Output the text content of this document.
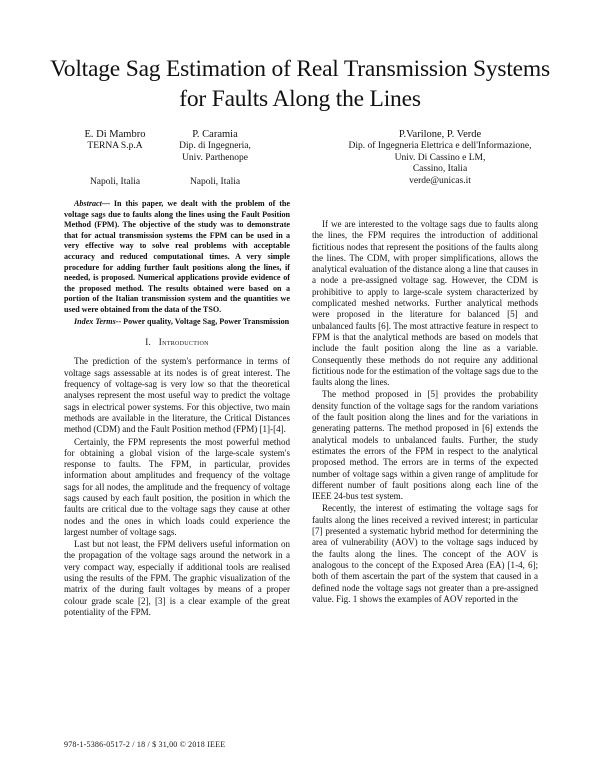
Voltage Sag Estimation of Real Transmission Systems
for Faults Along the Lines
E. Di Mambro
TERNA S.p.A
Napoli, Italia
P. Caramia
Dip. di Ingegneria,
Univ. Parthenope
Napoli, Italia
P.Varilone, P. Verde
Dip. of Ingegneria Elettrica e dell'Informazione,
Univ. Di Cassino e LM,
Cassino, Italia
verde@unicas.it

Abstract— In this paper, we dealt with the problem of the voltage sags due to faults along the lines using the Fault Position Method (FPM). The objective of the study was to demonstrate that for actual transmission systems the FPM can be used in a very effective way to solve real problems with acceptable accuracy and reduced computational times. A very simple procedure for adding further fault positions along the lines, if needed, is proposed. Numerical applications provide evidence of the proposed method. The results obtained were based on a portion of the Italian transmission system and the quantities we used were obtained from the data of the TSO.

Index Terms-- Power quality, Voltage Sag, Power Transmission

I. Introduction

The prediction of the system's performance in terms of voltage sags assessable at its nodes is of great interest. The frequency of voltage-sag is very low so that the theoretical analyses represent the most useful way to predict the voltage sags in electrical power systems. For this objective, two main methods are available in the literature, the Critical Distances method (CDM) and the Fault Position method (FPM) [1]-[4].

Certainly, the FPM represents the most powerful method for obtaining a global vision of the large-scale system's response to faults. The FPM, in particular, provides information about amplitudes and frequency of the voltage sags for all nodes, the amplitude and the frequency of voltage sags caused by each fault position, the position in which the faults are critical due to the voltage sags they cause at other nodes and the ones in which loads could experience the largest number of voltage sags.

Last but not least, the FPM delivers useful information on the propagation of the voltage sags around the network in a very compact way, especially if additional tools are realised using the results of the FPM. The graphic visualization of the matrix of the during fault voltages by means of a proper colour grade scale [2], [3] is a clear example of the great potentiality of the FPM.

If we are interested to the voltage sags due to faults along the lines, the FPM requires the introduction of additional fictitious nodes that represent the positions of the faults along the lines. The CDM, with proper simplifications, allows the analytical evaluation of the distance along a line that causes in a node a pre-assigned voltage sag. However, the CDM is prohibitive to apply to large-scale system characterized by complicated meshed networks. Further analytical methods were proposed in the literature for balanced [5] and unbalanced faults [6]. The most attractive feature in respect to FPM is that the analytical methods are based on models that include the fault position along the line as a variable. Consequently these methods do not require any additional fictitious node for the estimation of the voltage sags due to the faults along the lines.

The method proposed in [5] provides the probability density function of the voltage sags for the random variations of the fault position along the lines and for the variations in generating patterns. The method proposed in [6] extends the analytical models to unbalanced faults. Further, the study estimates the errors of the FPM in respect to the analytical proposed method. The errors are in terms of the expected number of voltage sags within a given range of amplitude for different number of fault positions along each line of the IEEE 24-bus test system.

Recently, the interest of estimating the voltage sags for faults along the lines received a revived interest; in particular [7] presented a systematic hybrid method for determining the area of vulnerability (AOV) to the voltage sags induced by the faults along the lines. The concept of the AOV is analogous to the concept of the Exposed Area (EA) [1-4, 6]; both of them ascertain the part of the system that caused in a defined node the voltage sags not greater than a pre-assigned value. Fig. 1 shows the examples of AOV reported in the

978-1-5386-0517-2 / 18 / $ 31,00 © 2018 IEEE
